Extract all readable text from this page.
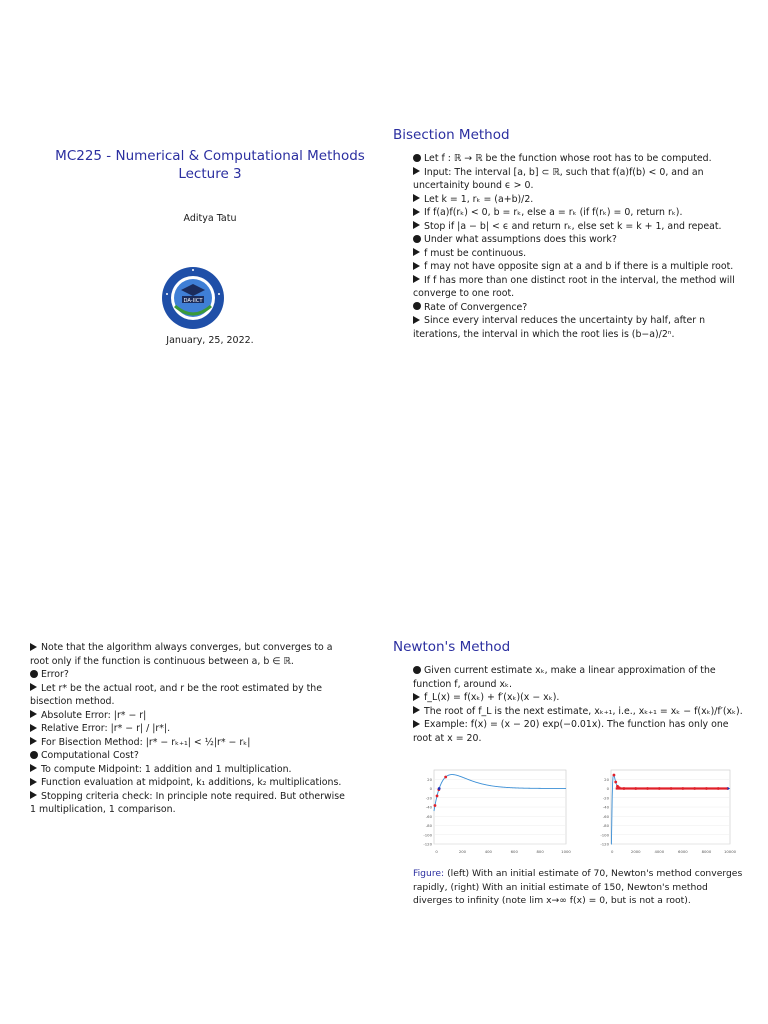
MC225 - Numerical & Computational Methods
Lecture 3
Aditya Tatu
DA-IICT
January, 25, 2022.
Bisection Method

Let f : ℝ → ℝ be the function whose root has to be computed.

Input: The interval [a, b] ⊂ ℝ, such that f(a)f(b) < 0, and an uncertainity bound ϵ > 0.

Let k = 1, rₖ = (a+b)/2.

If f(a)f(rₖ) < 0, b = rₖ, else a = rₖ (if f(rₖ) = 0, return rₖ).

Stop if |a − b| < ϵ and return rₖ, else set k = k + 1, and repeat.

Under what assumptions does this work?

f must be continuous.

f may not have opposite sign at a and b if there is a multiple root.

If f has more than one distinct root in the interval, the method will converge to one root.

Rate of Convergence?

Since every interval reduces the uncertainty by half, after n iterations, the interval in which the root lies is (b−a)/2ⁿ.

Note that the algorithm always converges, but converges to a root only if the function is continuous between a, b ∈ ℝ.

Error?

Let r* be the actual root, and r be the root estimated by the bisection method.

Absolute Error: |r* − r|

Relative Error: |r* − r| / |r*|.

For Bisection Method: |r* − rₖ₊₁| < ½|r* − rₖ|

Computational Cost?

To compute Midpoint: 1 addition and 1 multiplication.

Function evaluation at midpoint, k₁ additions, k₂ multiplications.

Stopping criteria check: In principle note required. But otherwise 1 multiplication, 1 comparison.

Newton's Method

Given current estimate xₖ, make a linear approximation of the function f, around xₖ.

f_L(x) = f(xₖ) + f′(xₖ)(x − xₖ).

The root of f_L is the next estimate, xₖ₊₁, i.e., xₖ₊₁ = xₖ − f(xₖ)/f′(xₖ).

Example: f(x) = (x − 20) exp(−0.01x). The function has only one root at x = 20.

20
0
-20
-40
-60
-80
-100
-120
0	200	400	600	800	1000
20
0
-20
-40
-60
-80
-100
-120
0	2000	4000	6000	8000	10000
Figure: (left) With an initial estimate of 70, Newton's method converges rapidly, (right) With an initial estimate of 150, Newton's method diverges to infinity (note lim x→∞ f(x) = 0, but is not a root).
